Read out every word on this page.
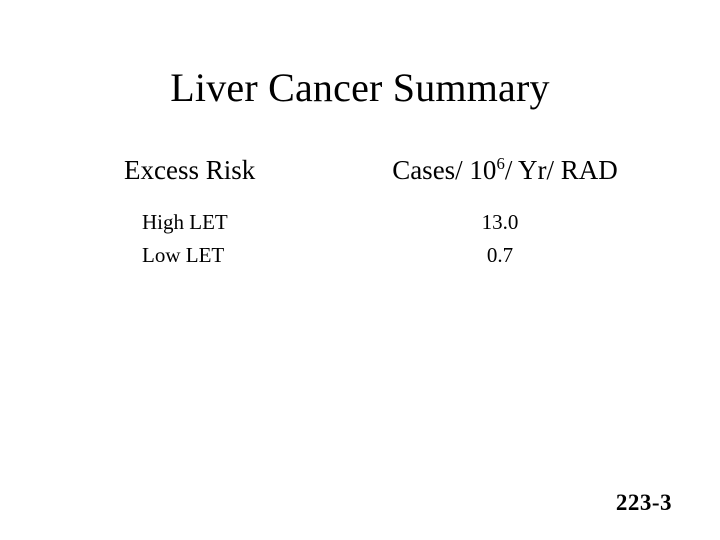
Liver Cancer Summary
Excess Risk	Cases/ $10^6/$ Yr/ RAD
High LET	13.0
Low LET	0.7
223-3
